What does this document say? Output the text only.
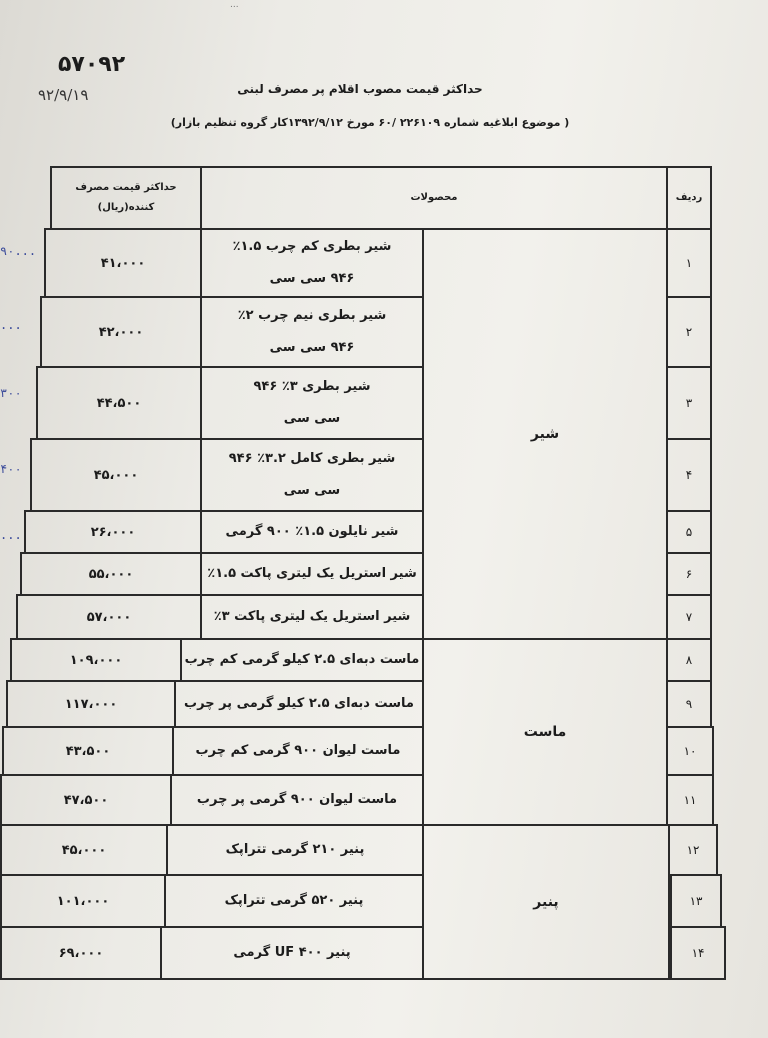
...
۵۷۰۹۲
۹۲/۹/۱۹	حداکثر قیمت مصوب اقلام پر مصرف لبنی
( موضوع ابلاغیه شماره ۲۲۶۱۰۹ /۶۰ مورخ ۱۳۹۲/۹/۱۲کار گروه تنظیم بازار)
۹۰...
...
۳۰۰
۴۰۰
...
ردیف
محصولات
حداکثر قیمت مصرف کننده(ریال)
شیر
ماست
پنیر
۱
شیر بطری کم چرب ۱.۵٪ ۹۴۶ سی سی
۴۱،۰۰۰
۲
شیر بطری نیم چرب ۲٪ ۹۴۶ سی سی
۴۲،۰۰۰
۳
شیر بطری ۳٪ ۹۴۶ سی سی
۴۴،۵۰۰
۴
شیر بطری کامل ۳.۲٪ ۹۴۶ سی سی
۴۵،۰۰۰
۵
شیر نایلون ۱.۵٪ ۹۰۰ گرمی
۲۶،۰۰۰
۶
شیر استریل یک لیتری پاکت ۱.۵٪
۵۵،۰۰۰
۷
شیر استریل یک لیتری پاکت ۳٪
۵۷،۰۰۰
۸
ماست دبه‌ای ۲.۵ کیلو گرمی کم چرب
۱۰۹،۰۰۰
۹
ماست دبه‌ای ۲.۵ کیلو گرمی پر چرب
۱۱۷،۰۰۰
۱۰
ماست لیوان ۹۰۰ گرمی کم چرب
۴۳،۵۰۰
۱۱
ماست لیوان ۹۰۰ گرمی پر چرب
۴۷،۵۰۰
۱۲
پنیر ۲۱۰ گرمی تتراپک
۴۵،۰۰۰
۱۳
پنیر ۵۲۰ گرمی تتراپک
۱۰۱،۰۰۰
۱۴
پنیر ۴۰۰ UF گرمی
۶۹،۰۰۰
